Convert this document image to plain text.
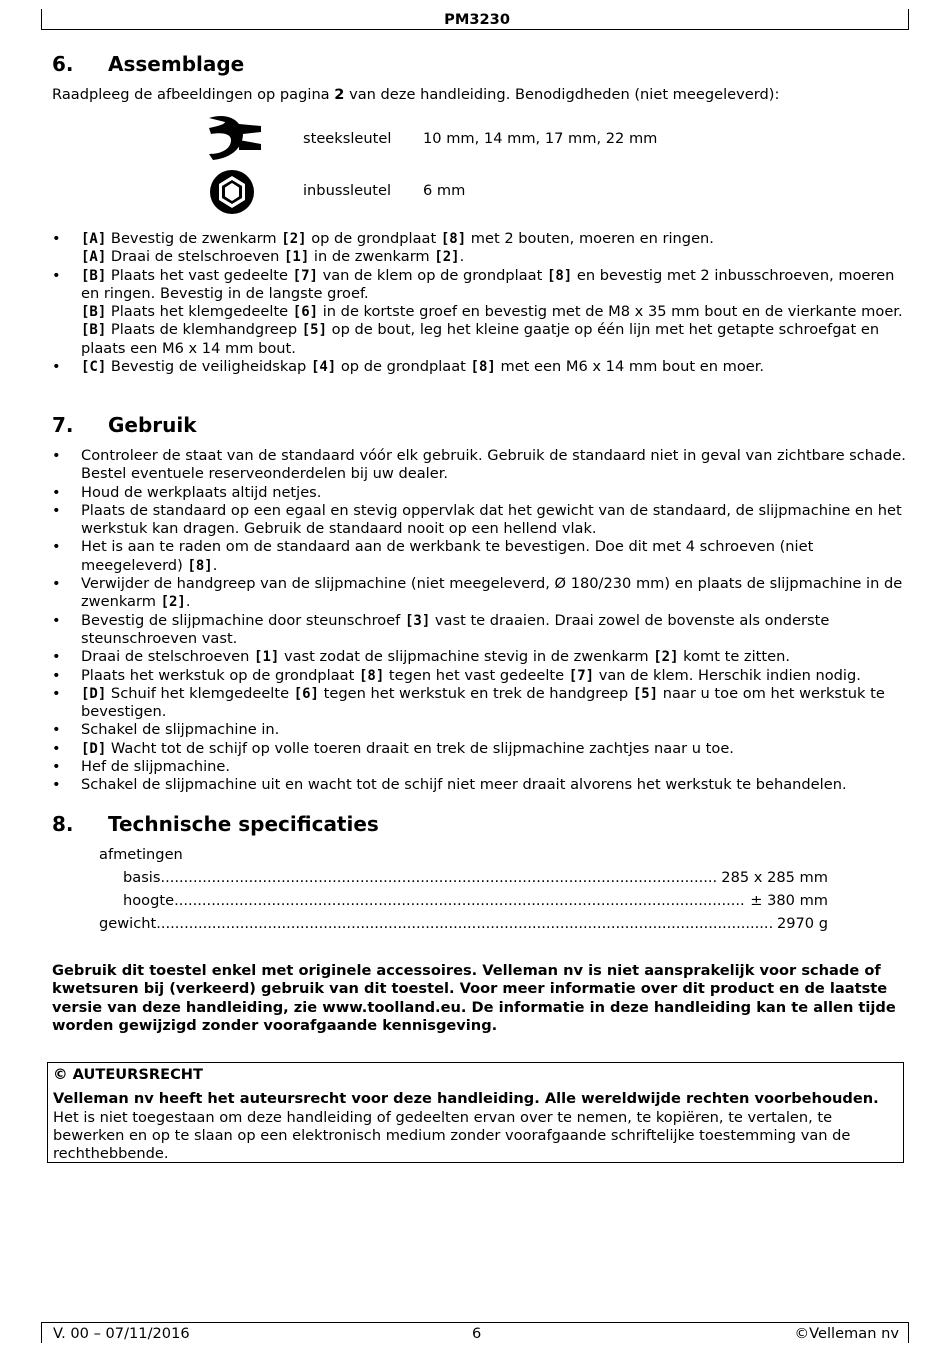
PM3230
6. Assemblage

Raadpleeg de afbeeldingen op pagina 2 van deze handleiding. Benodigdheden (niet meegeleverd):

steeksleutel 10 mm, 14 mm, 17 mm, 22 mm
inbussleutel 6 mm
• [A] Bevestig de zwenkarm [2] op de grondplaat [8] met 2 bouten, moeren en ringen.
[A] Draai de stelschroeven [1] in de zwenkarm [2].
• [B] Plaats het vast gedeelte [7] van de klem op de grondplaat [8] en bevestig met 2 inbusschroeven, moeren en ringen. Bevestig in de langste groef.
[B] Plaats het klemgedeelte [6] in de kortste groef en bevestig met de M8 x 35 mm bout en de vierkante moer.
[B] Plaats de klemhandgreep [5] op de bout, leg het kleine gaatje op één lijn met het getapte schroefgat en plaats een M6 x 14 mm bout.
• [C] Bevestig de veiligheidskap [4] op de grondplaat [8] met een M6 x 14 mm bout en moer.
7. Gebruik
• Controleer de staat van de standaard vóór elk gebruik. Gebruik de standaard niet in geval van zichtbare schade. Bestel eventuele reserveonderdelen bij uw dealer.
• Houd de werkplaats altijd netjes.
• Plaats de standaard op een egaal en stevig oppervlak dat het gewicht van de standaard, de slijpmachine en het werkstuk kan dragen. Gebruik de standaard nooit op een hellend vlak.
• Het is aan te raden om de standaard aan de werkbank te bevestigen. Doe dit met 4 schroeven (niet meegeleverd) [8].
• Verwijder de handgreep van de slijpmachine (niet meegeleverd, Ø 180/230 mm) en plaats de slijpmachine in de zwenkarm [2].
• Bevestig de slijpmachine door steunschroef [3] vast te draaien. Draai zowel de bovenste als onderste steunschroeven vast.
• Draai de stelschroeven [1] vast zodat de slijpmachine stevig in de zwenkarm [2] komt te zitten.
• Plaats het werkstuk op de grondplaat [8] tegen het vast gedeelte [7] van de klem. Herschik indien nodig.
• [D] Schuif het klemgedeelte [6] tegen het werkstuk en trek de handgreep [5] naar u toe om het werkstuk te bevestigen.
• Schakel de slijpmachine in.
• [D] Wacht tot de schijf op volle toeren draait en trek de slijpmachine zachtjes naar u toe.
• Hef de slijpmachine.
• Schakel de slijpmachine uit en wacht tot de schijf niet meer draait alvorens het werkstuk te behandelen.
8. Technische specificaties
afmetingen
basis .....	285 x 285 mm
hoogte .....	± 380 mm
gewicht .....	2970 g

Gebruik dit toestel enkel met originele accessoires. Velleman nv is niet aansprakelijk voor schade of kwetsuren bij (verkeerd) gebruik van dit toestel. Voor meer informatie over dit product en de laatste versie van deze handleiding, zie www.toolland.eu. De informatie in deze handleiding kan te allen tijde worden gewijzigd zonder voorafgaande kennisgeving.

© AUTEURSRECHT
Velleman nv heeft het auteursrecht voor deze handleiding. Alle wereldwijde rechten voorbehouden.
Het is niet toegestaan om deze handleiding of gedeelten ervan over te nemen, te kopiëren, te vertalen, te bewerken en op te slaan op een elektronisch medium zonder voorafgaande schriftelijke toestemming van de rechthebbende.
V. 00 – 07/11/2016	6	©Velleman nv
